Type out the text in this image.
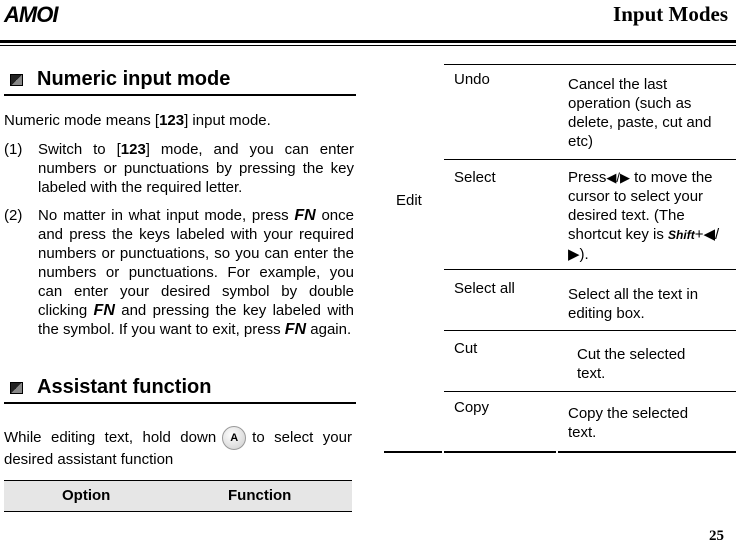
AMOI	Input Modes
Numeric input mode
Numeric mode means [123] input mode.
(1) Switch to [123] mode, and you can enter numbers or punctuations by pressing the key labeled with the required letter.
(2) No matter in what input mode, press FN once and press the keys labeled with your required numbers or punctuations, so you can enter the numbers or punctuations. For example, you can enter your desired symbol by double clicking FN and pressing the key labeled with the symbol. If you want to exit, press FN again.
Assistant function
While editing text, hold down A to select your desired assistant function
Option	Function
Edit
Undo	Cancel the last operation (such as delete, paste, cut and etc)
Select	Press◀/▶ to move the cursor to select your desired text. (The shortcut key is Shift+◀/▶).
Select all	Select all the text in editing box.
Cut	Cut the selected text.
Copy	Copy the selected text.
25
